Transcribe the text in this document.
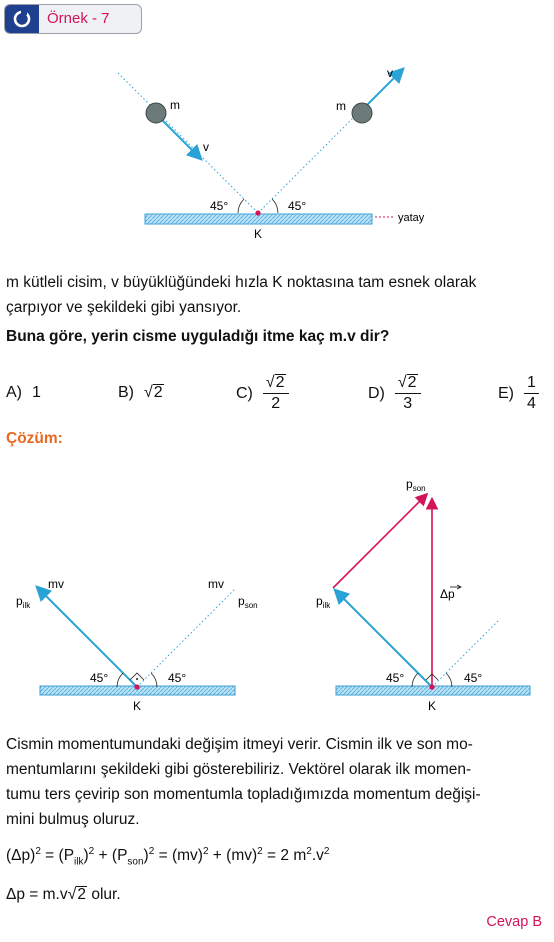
Örnek - 7
m	m
v
v
45°	45°
K
yatay
m kütleli cisim, v büyüklüğündeki hızla K noktasına tam esnek olarak
çarpıyor ve şekildeki gibi yansıyor.
Buna göre, yerin cisme uyguladığı itme kaç m.v dir?
A) 1	B) √ 2	$C) \frac{√ 2}{2}$	$D) \frac{√ 2}{3}$	$E) \frac{1}{4}$
Çözüm:
mv	mv
$p_{ilk}$	$p_{son}$
45°	45°
K
$p_{son}$
$p_{ilk}$
Δp
45°	45°
K
Cismin momentumundaki değişim itmeyi verir. Cismin ilk ve son mo-
mentumlarını şekildeki gibi gösterebiliriz. Vektörel olarak ilk momen-
tumu ters çevirip son momentumla topladığımızda momentum değişi-
mini bulmuş oluruz.
$(\Delta p)^2 = (P_{ilk})^2 + (P_{son})^2 = (mv)^2 + (mv)^2 = 2$ $m^2.v^2$
Δp = m.v √ 2 olur.
Cevap B
